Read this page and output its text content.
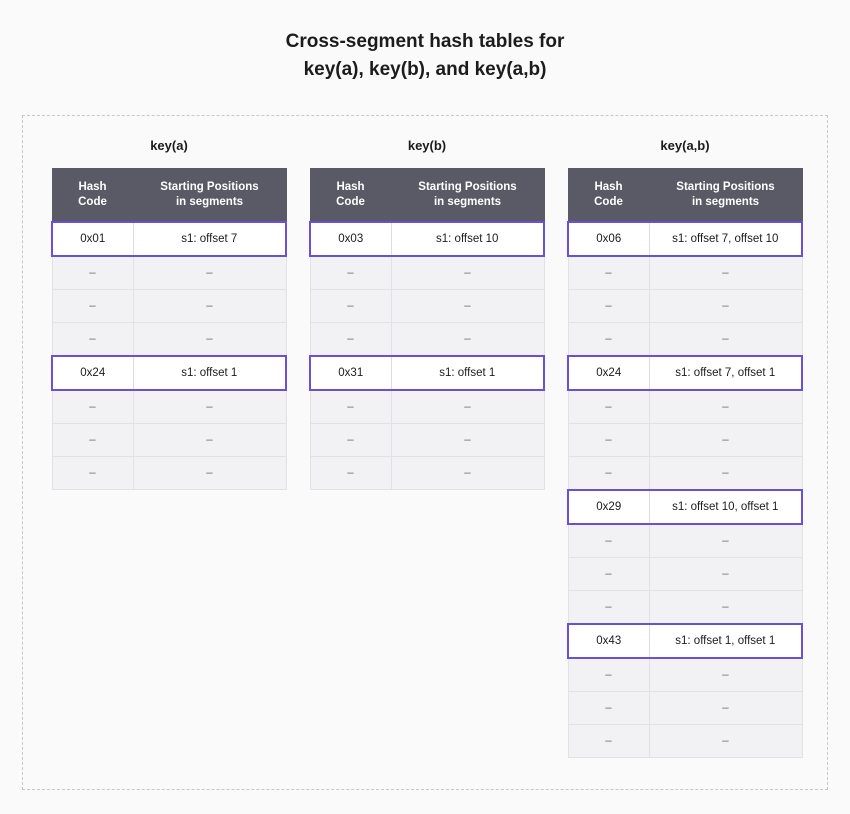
Cross-segment hash tables for
key(a), key(b), and key(a,b)
key(a)
Hash
Code

Starting Positions
in segments

0x01	s1: offset 7
–	–
–	–
–	–
0x24	s1: offset 1
–	–
–	–
–	–
key(b)
Hash
Code

Starting Positions
in segments

0x03	s1: offset 10
–	–
–	–
–	–
0x31	s1: offset 1
–	–
–	–
–	–
key(a,b)
Hash
Code

Starting Positions
in segments

0x06	s1: offset 7, offset 10
–	–
–	–
–	–
0x24	s1: offset 7, offset 1
–	–
–	–
–	–
0x29	s1: offset 10, offset 1
–	–
–	–
–	–
0x43	s1: offset 1, offset 1
–	–
–	–
–	–
